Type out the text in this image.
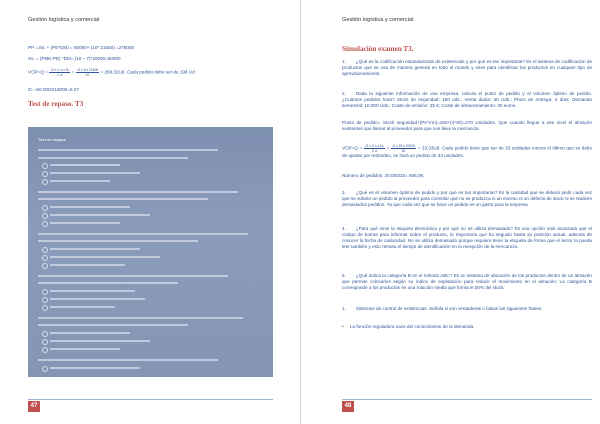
Gestión logística y comercial
PP. =Ss. + (PE*DM) = 60000+ (10* 21600) =276000
Ss. = (PME-PE) *DM= (10 – 7)*20000=60000
$VOP=Q = \frac{\text{√2 x C s x Dₐ}}{\text{C a}} = \frac{√2 x 6 x 21600}{10} = 268,32Ud$. Cada pedido debe ser de 198 Ud.
IC =60.000/216000=0.27
Test de repaso. T3
Test de repaso
47
Gestión logística y comercial
Simulación examen T3.
1. ¿Qué es la codificación estandarizada de existencias y por qué es tan importante? Es el sistema de codificación de productos que se usa de manera general en todo el mundo y sirve para identificar los productos en cualquier tipo de aprovisionamiento.
2. Dada la siguiente información de una empresa, calcula el punto de pedido y el volumen óptimo de pedido. ¿Cuántos pedidos hará? Stock de seguridad: 150 uds.; Venta diaria: 30 Uds.; Plazo de entrega: 4 días; Demanda semestral: 10.000 Uds.; Coste de emisión: 25 €; Coste de almacenamiento: 30 euros.
Punto de pedido= Stock seguridad+(Pe*Vm)=150+(4*30)=270 Unidades. Que cuando llegue a ese nivel el almacén existentes que llamar al proveedor para que nos lleve la mercancía.
$VOP=Q = \frac{\text{√2 x C s x Dₐ}}{\text{C a}} = \frac{√2 x 25 x 20000}{30} = 33,33Ud$. Cada pedido tiene que ser de 33 unidades menos el último que se debe de ajustar por redondeo, se hará un pedido de 34 unidades.
Número de pedidos: 20.000/33= 606,06.
3. ¿Qué es el volumen óptimo de pedido y por qué es tan importante? Es la cantidad que se deberá pedir cada vez que se solicite un pedido al proveedor para controlar que no se produzca ni un exceso ni un defecto de stock ni se realicen demasiados pedidos. Ya que cada vez que se hace un pedido es un gasto para la empresa.
4. ¿Para qué sirve la etiqueta electrónica y por qué no se utiliza demasiado? Es una opción más avanzada que el código de barras para informar sobre el producto, la trayectoria que ha seguido hasta su posición actual, además de conocer la fecha de caducidad. No se utiliza demasiado porque requiere tener la etiqueta de forma que el lector la pueda leer también y esto retrasa el tiempo de identificación en la recepción de la mercancía.
5. ¿Qué indica la categoría B en el método ABC? Es un sistema de ubicación de los productos dentro de un almacén que permite colocarlos según su índice de explotación para reducir el movimiento en el almacén; La categoría B corresponde a los productos en una rotación media que forma el 30% del stock.
1. Sistemas de control de existencias. Señala si son verdaderas o falsas las siguientes frases:
• La función reguladora nace del conocimiento de la demanda.
48
